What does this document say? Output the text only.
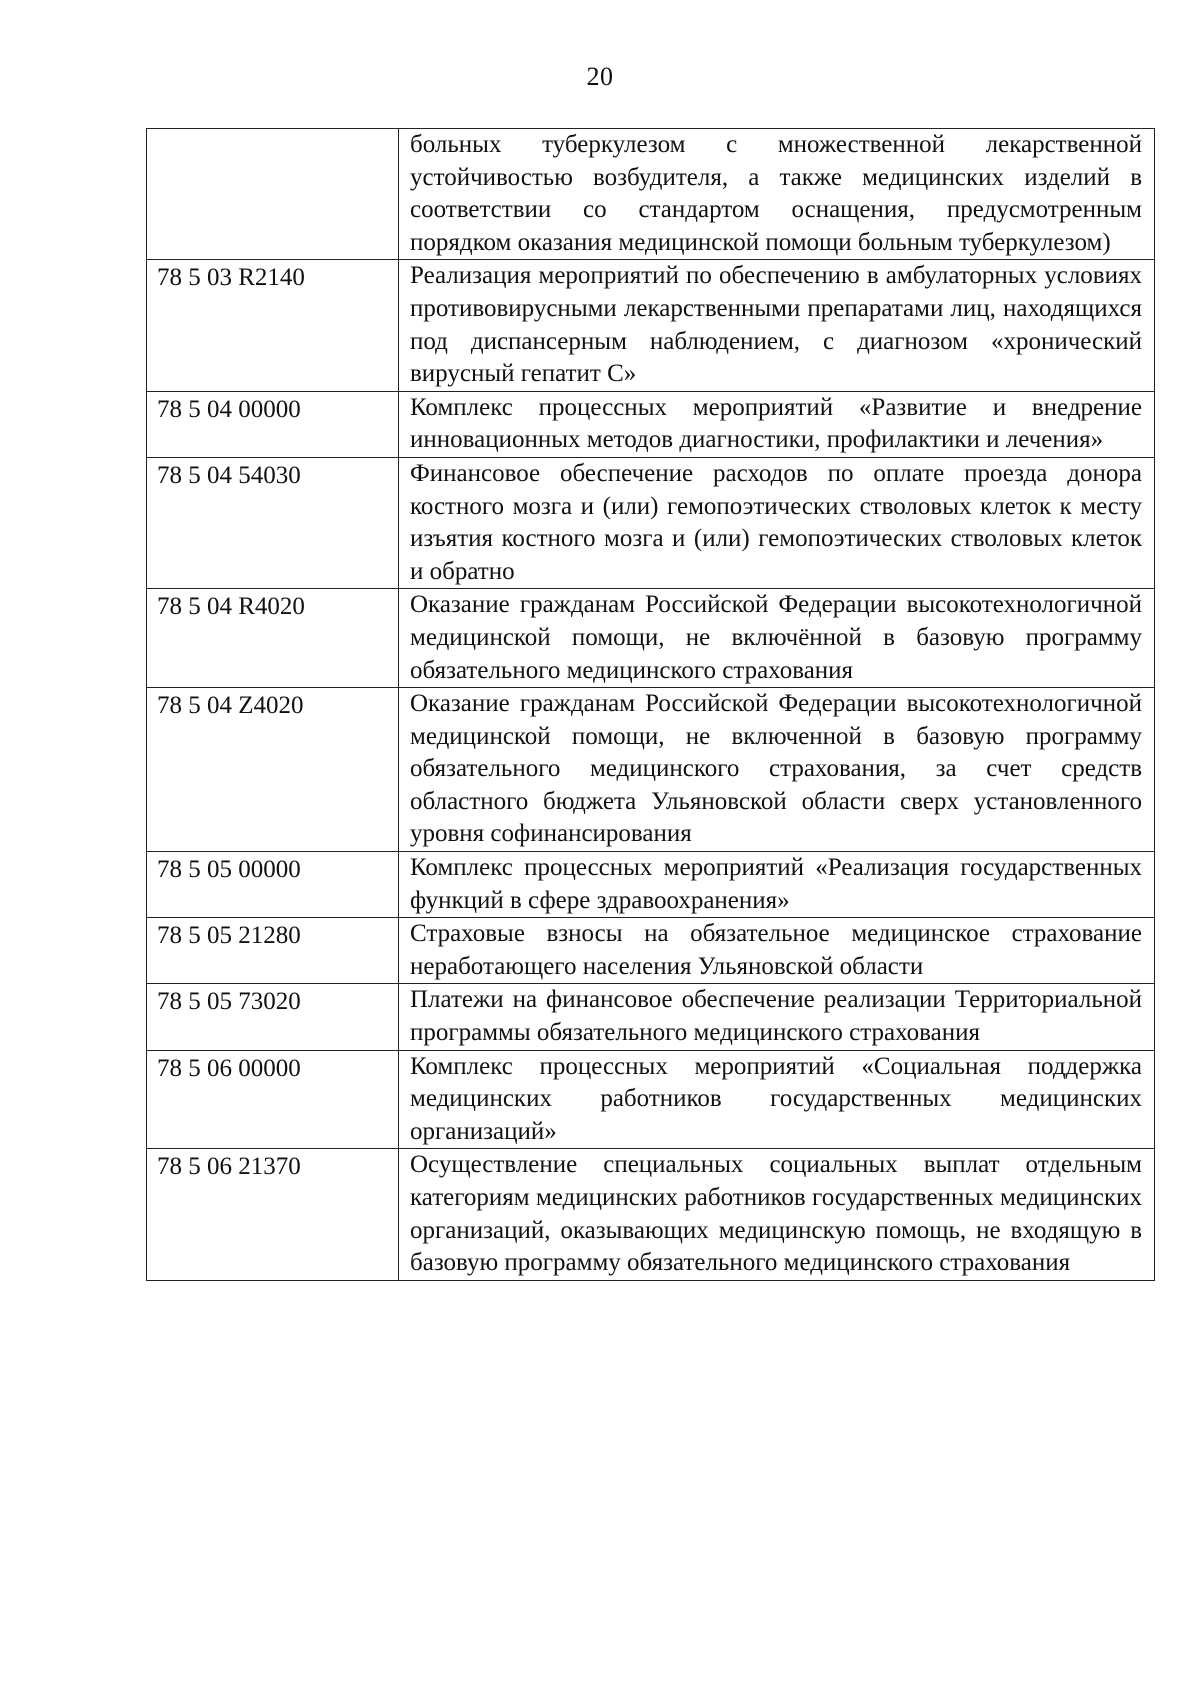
20
	больных туберкулезом с множественной лекарственной устойчивостью возбудителя, а также медицинских изделий в соответствии со стандартом оснащения, предусмотренным порядком оказания медицинской помощи больным туберкулезом)
78 5 03 R2140	Реализация мероприятий по обеспечению в амбулаторных условиях противовирусными лекарственными препаратами лиц, находящихся под диспансерным наблюдением, с диагнозом «хронический вирусный гепатит С»
78 5 04 00000	Комплекс процессных мероприятий «Развитие и внедрение инновационных методов диагностики, профилактики и лечения»
78 5 04 54030	Финансовое обеспечение расходов по оплате проезда донора костного мозга и (или) гемопоэтических стволовых клеток к месту изъятия костного мозга и (или) гемопоэтических стволовых клеток и обратно
78 5 04 R4020	Оказание гражданам Российской Федерации высокотехнологичной медицинской помощи, не включённой в базовую программу обязательного медицинского страхования
78 5 04 Z4020	Оказание гражданам Российской Федерации высокотехнологичной медицинской помощи, не включенной в базовую программу обязательного медицинского страхования, за счет средств областного бюджета Ульяновской области сверх установленного уровня софинансирования
78 5 05 00000	Комплекс процессных мероприятий «Реализация государственных функций в сфере здравоохранения»
78 5 05 21280	Страховые взносы на обязательное медицинское страхование неработающего населения Ульяновской области
78 5 05 73020	Платежи на финансовое обеспечение реализации Территориальной программы обязательного медицинского страхования
78 5 06 00000	Комплекс процессных мероприятий «Социальная поддержка медицинских работников государственных медицинских организаций»
78 5 06 21370	Осуществление специальных социальных выплат отдельным категориям медицинских работников государственных медицинских организаций, оказывающих медицинскую помощь, не входящую в базовую программу обязательного медицинского страхования
